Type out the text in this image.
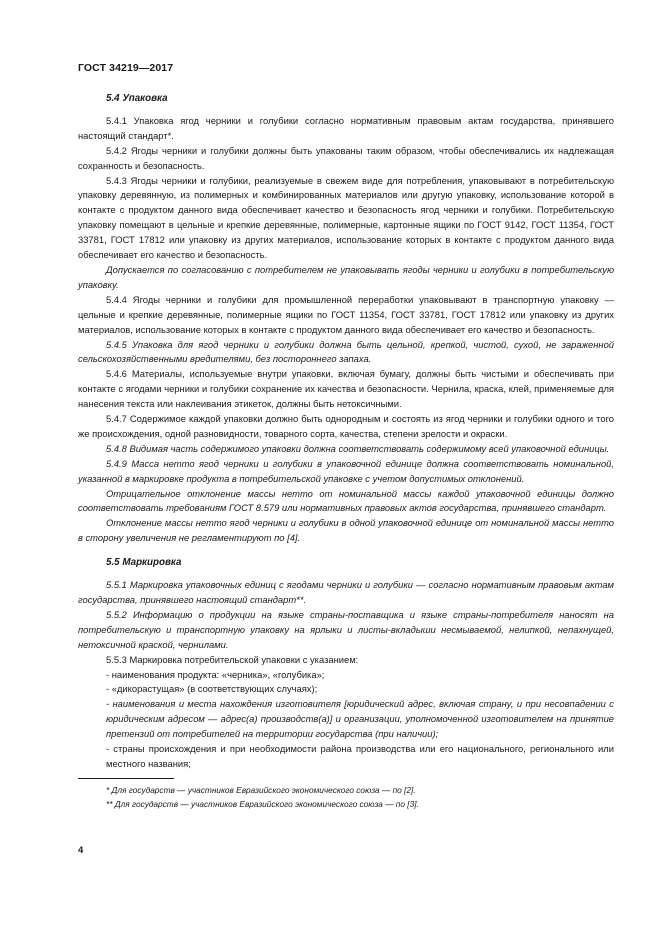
ГОСТ 34219—2017
5.4 Упаковка

5.4.1 Упаковка ягод черники и голубики согласно нормативным правовым актам государства, принявшего настоящий стандарт*.

5.4.2 Ягоды черники и голубики должны быть упакованы таким образом, чтобы обеспечивались их надлежащая сохранность и безопасность.

5.4.3 Ягоды черники и голубики, реализуемые в свежем виде для потребления, упаковывают в потребительскую упаковку деревянную, из полимерных и комбинированных материалов или другую упаковку, использование которой в контакте с продуктом данного вида обеспечивает качество и безопасность ягод черники и голубики. Потребительскую упаковку помещают в цельные и крепкие деревянные, полимерные, картонные ящики по ГОСТ 9142, ГОСТ 11354, ГОСТ 33781, ГОСТ 17812 или упаковку из других материалов, использование которых в контакте с продуктом данного вида обеспечивает его качество и безопасность.

Допускается по согласованию с потребителем не упаковывать ягоды черники и голубики в потребительскую упаковку.

5.4.4 Ягоды черники и голубики для промышленной переработки упаковывают в транспортную упаковку — цельные и крепкие деревянные, полимерные ящики по ГОСТ 11354, ГОСТ 33781, ГОСТ 17812 или упаковку из других материалов, использование которых в контакте с продуктом данного вида обеспечивает его качество и безопасность.

5.4.5 Упаковка для ягод черники и голубики должна быть цельной, крепкой, чистой, сухой, не зараженной сельскохозяйственными вредителями, без постороннего запаха.

5.4.6 Материалы, используемые внутри упаковки, включая бумагу, должны быть чистыми и обеспечивать при контакте с ягодами черники и голубики сохранение их качества и безопасности. Чернила, краска, клей, применяемые для нанесения текста или наклеивания этикеток, должны быть нетоксичными.

5.4.7 Содержимое каждой упаковки должно быть однородным и состоять из ягод черники и голубики одного и того же происхождения, одной разновидности, товарного сорта, качества, степени зрелости и окраски.

5.4.8 Видимая часть содержимого упаковки должна соответствовать содержимому всей упаковочной единицы.

5.4.9 Масса нетто ягод черники и голубики в упаковочной единице должна соответствовать номинальной, указанной в маркировке продукта в потребительской упаковке с учетом допустимых отклонений.

Отрицательное отклонение массы нетто от номинальной массы каждой упаковочной единицы должно соответствовать требованиям ГОСТ 8.579 или нормативных правовых актов государства, принявшего стандарт.

Отклонение массы нетто ягод черники и голубики в одной упаковочной единице от номинальной массы нетто в сторону увеличения не регламентируют по [4].

5.5 Маркировка

5.5.1 Маркировка упаковочных единиц с ягодами черники и голубики — согласно нормативным правовым актам государства, принявшего настоящий стандарт**.

5.5.2 Информацию о продукции на языке страны-поставщика и языке страны-потребителя наносят на потребительскую и транспортную упаковку на ярлыки и листы-вкладыши несмываемой, нелипкой, непахнущей, нетоксичной краской, чернилами.

5.5.3 Маркировка потребительской упаковки с указанием:

- наименования продукта: «черника», «голубика»;

- «дикорастущая» (в соответствующих случаях);

- наименования и места нахождения изготовителя [юридический адрес, включая страну, и при несовпадении с юридическим адресом — адрес(а) производств(а)] и организации, уполномоченной изготовителем на принятие претензий от потребителей на территории государства (при наличии);

- страны происхождения и при необходимости района производства или его национального, регионального или местного названия;

* Для государств — участников Евразийского экономического союза — по [2].

** Для государств — участников Евразийского экономического союза — по [3].

4
